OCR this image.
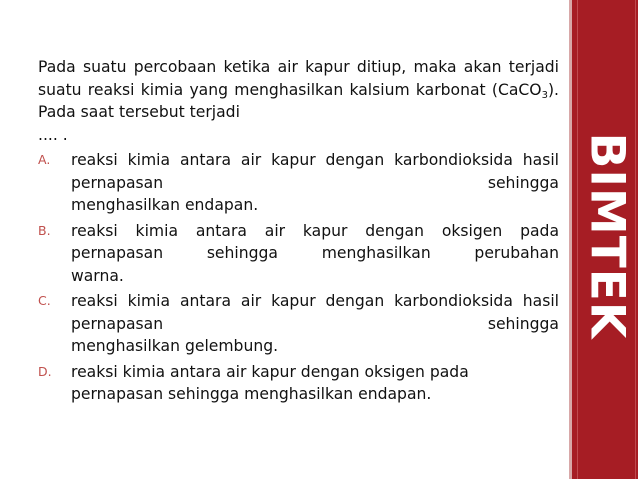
Pada suatu percobaan ketika air kapur ditiup, maka akan terjadi suatu reaksi kimia yang menghasilkan kalsium karbonat (CaCO$_3$). Pada saat tersebut terjadi
.... .

A. reaksi kimia antara air kapur dengan karbondioksida hasil pernapasan sehingga
menghasilkan endapan.
B. reaksi kimia antara air kapur dengan oksigen pada pernapasan sehingga menghasilkan perubahan
warna.
C. reaksi kimia antara air kapur dengan karbondioksida hasil pernapasan sehingga
menghasilkan gelembung.
D. reaksi kimia antara air kapur dengan oksigen pada
pernapasan sehingga menghasilkan endapan.
BIMTEK
